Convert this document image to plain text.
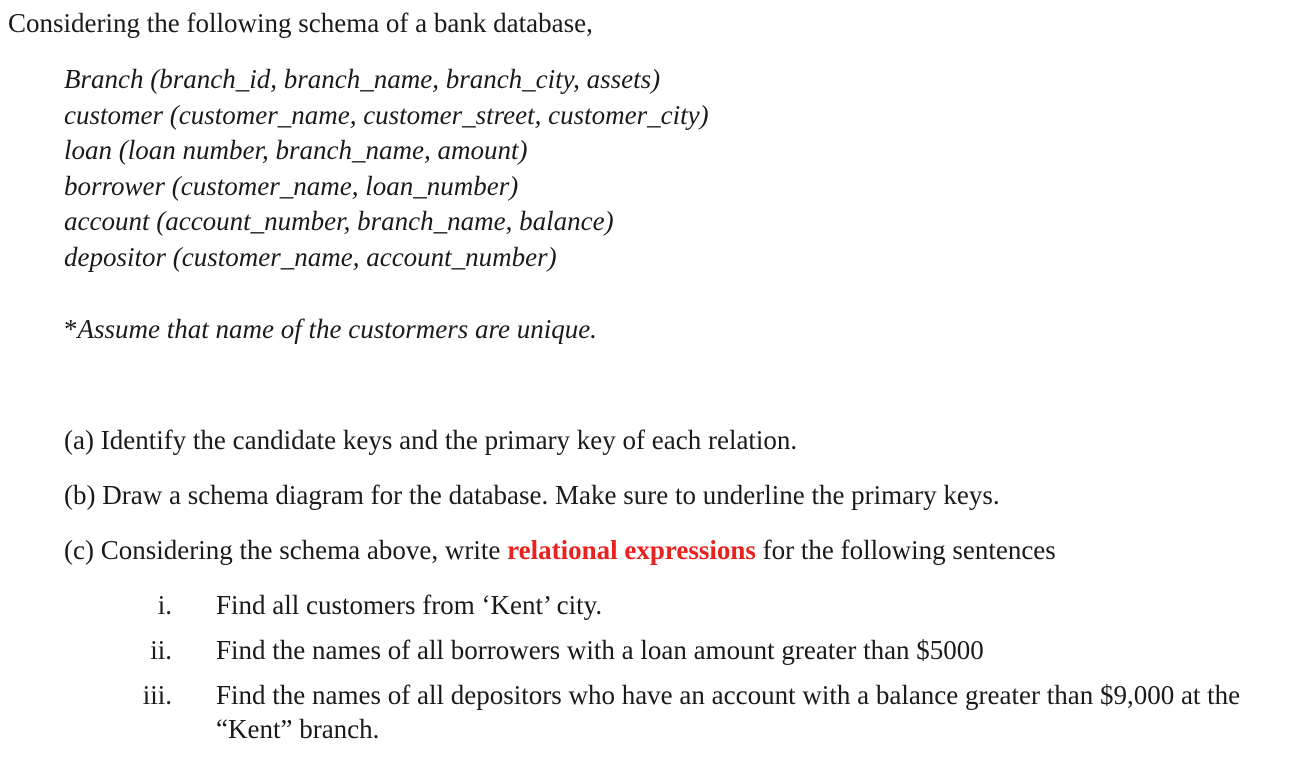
Considering the following schema of a bank database,
Branch (branch_id, branch_name, branch_city, assets)
customer (customer_name, customer_street, customer_city)
loan (loan number, branch_name, amount)
borrower (customer_name, loan_number)
account (account_number, branch_name, balance)
depositor (customer_name, account_number)
*Assume that name of the custormers are unique.
(a) Identify the candidate keys and the primary key of each relation.
(b) Draw a schema diagram for the database. Make sure to underline the primary keys.
(c) Considering the schema above, write relational expressions for the following sentences
i. Find all customers from ‘Kent’ city.
ii. Find the names of all borrowers with a loan amount greater than $5000
iii. Find the names of all depositors who have an account with a balance greater than $9,000 at the “Kent” branch.
